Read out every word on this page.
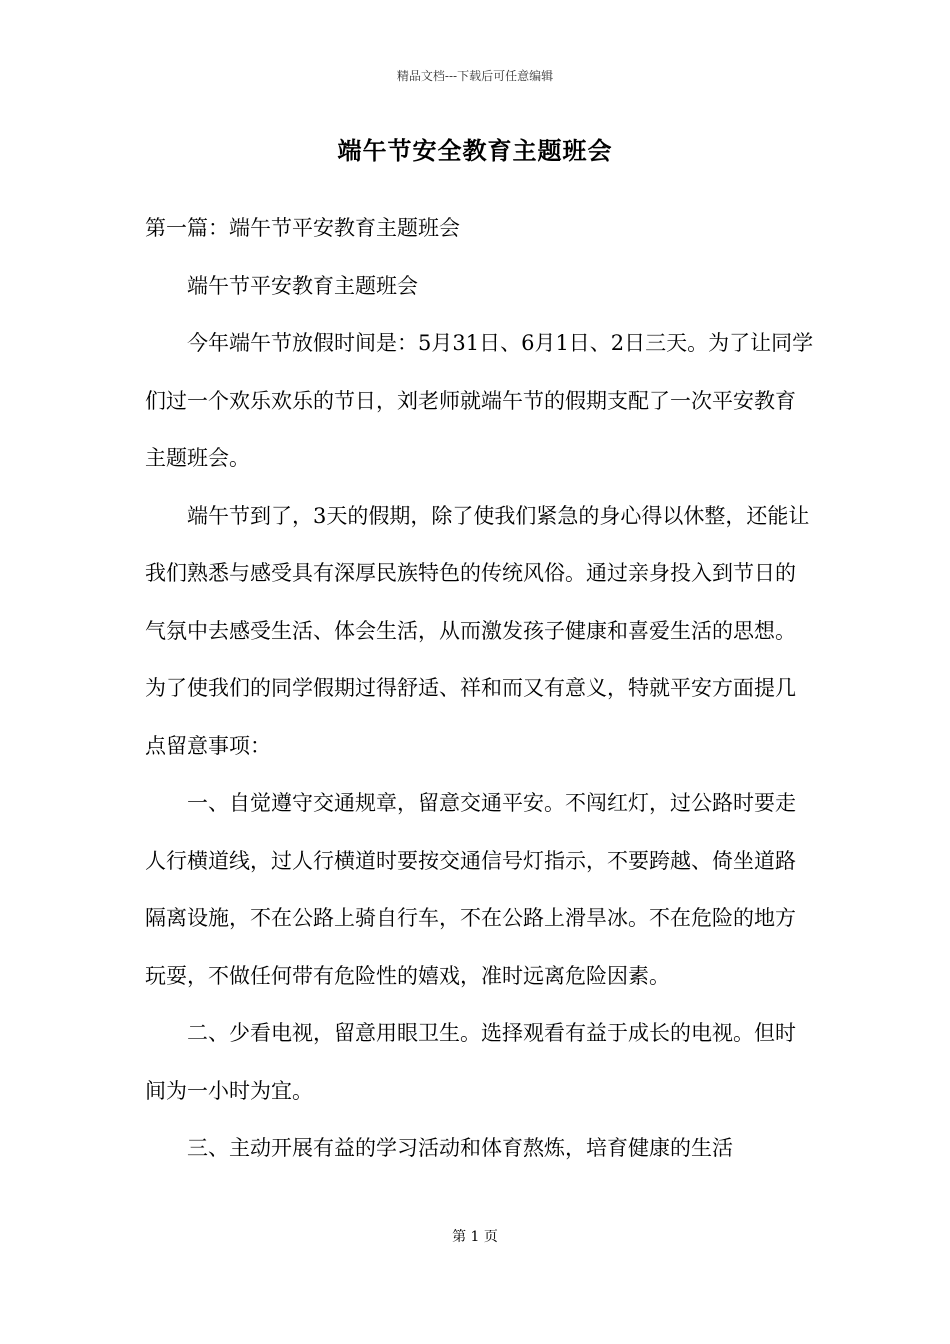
精品文档---下载后可任意编辑
端午节安全教育主题班会

第一篇：端午节平安教育主题班会

端午节平安教育主题班会

今年端午节放假时间是：5月31日、6月1日、2日三天。为了让同学们过一个欢乐欢乐的节日，刘老师就端午节的假期支配了一次平安教育主题班会。

端午节到了，3天的假期，除了使我们紧急的身心得以休整，还能让我们熟悉与感受具有深厚民族特色的传统风俗。通过亲身投入到节日的气氛中去感受生活、体会生活，从而激发孩子健康和喜爱生活的思想。为了使我们的同学假期过得舒适、祥和而又有意义，特就平安方面提几点留意事项：

一、自觉遵守交通规章，留意交通平安。不闯红灯，过公路时要走人行横道线，过人行横道时要按交通信号灯指示，不要跨越、倚坐道路隔离设施，不在公路上骑自行车，不在公路上滑旱冰。不在危险的地方玩耍，不做任何带有危险性的嬉戏，准时远离危险因素。

二、少看电视，留意用眼卫生。选择观看有益于成长的电视。但时间为一小时为宜。

三、主动开展有益的学习活动和体育熬炼，培育健康的生活

第 1 页
